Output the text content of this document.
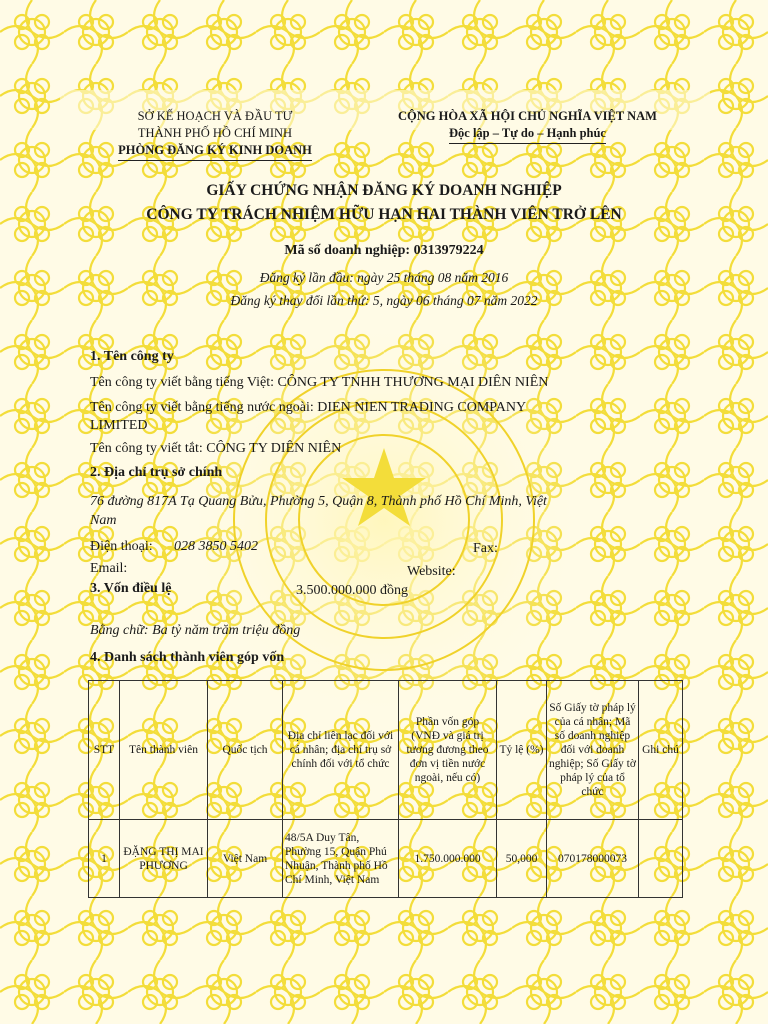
SỞ KẾ HOẠCH VÀ ĐẦU TƯ
THÀNH PHỐ HỒ CHÍ MINH
PHÒNG ĐĂNG KÝ KINH DOANH
CỘNG HÒA XÃ HỘI CHỦ NGHĨA VIỆT NAM
Độc lập – Tự do – Hạnh phúc
GIẤY CHỨNG NHẬN ĐĂNG KÝ DOANH NGHIỆP
CÔNG TY TRÁCH NHIỆM HỮU HẠN HAI THÀNH VIÊN TRỞ LÊN
Mã số doanh nghiệp: 0313979224
Đăng ký lần đầu: ngày 25 tháng 08 năm 2016
Đăng ký thay đổi lần thứ: 5, ngày 06 tháng 07 năm 2022
1. Tên công ty
Tên công ty viết bằng tiếng Việt: CÔNG TY TNHH THƯƠNG MẠI DIÊN NIÊN
Tên công ty viết bằng tiếng nước ngoài: DIEN NIEN TRADING COMPANY
LIMITED
Tên công ty viết tắt: CÔNG TY DIÊN NIÊN
2. Địa chỉ trụ sở chính
76 đường 817A Tạ Quang Bửu, Phường 5, Quận 8, Thành phố Hồ Chí Minh, Việt
Nam
Điện thoại: 028 3850 5402	Fax:
Email:	Website:
3. Vốn điều lệ	3.500.000.000 đồng
Bằng chữ: Ba tỷ năm trăm triệu đồng
4. Danh sách thành viên góp vốn
STT	Tên thành viên	Quốc tịch	Địa chỉ liên lạc đối với cá nhân; địa chỉ trụ sở chính đối với tổ chức	Phần vốn góp (VNĐ và giá trị tương đương theo đơn vị tiền nước ngoài, nếu có)	Tỷ lệ (%)	Số Giấy tờ pháp lý của cá nhân; Mã số doanh nghiệp đối với doanh nghiệp; Số Giấy tờ pháp lý của tổ chức	Ghi chú
1	ĐẶNG THỊ MAI PHƯƠNG	Việt Nam	48/5A Duy Tân, Phường 15, Quận Phú Nhuận, Thành phố Hồ Chí Minh, Việt Nam	1.750.000.000	50,000	070178000073	
